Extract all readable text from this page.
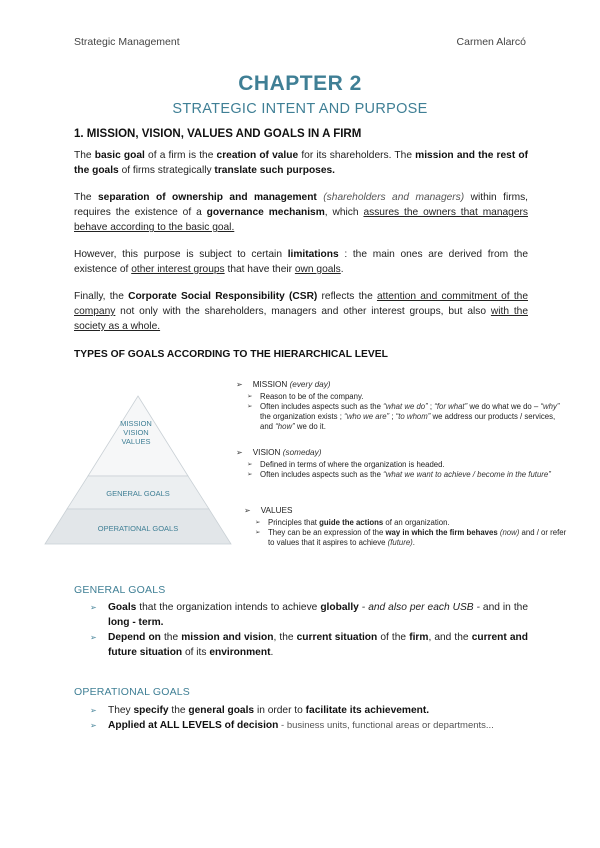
Strategic Management	Carmen Alarcó
CHAPTER 2
STRATEGIC INTENT AND PURPOSE
1. MISSION, VISION, VALUES AND GOALS IN A FIRM

The basic goal of a firm is the creation of value for its shareholders. The mission and the rest of the goals of firms strategically translate such purposes.

The separation of ownership and management (shareholders and managers) within firms, requires the existence of a governance mechanism, which assures the owners that managers behave according to the basic goal.

However, this purpose is subject to certain limitations : the main ones are derived from the existence of other interest groups that have their own goals.

Finally, the Corporate Social Responsibility (CSR) reflects the attention and commitment of the company not only with the shareholders, managers and other interest groups, but also with the society as a whole.

TYPES OF GOALS ACCORDING TO THE HIERARCHICAL LEVEL
MISSION
VISION
VALUES
GENERAL GOALS
OPERATIONAL GOALS
➢ MISSION (every day)
➢ Reason to be of the company.
➢ Often includes aspects such as the “what we do” ; “for what” we do what we do – “why” the organization exists ; “who we are” ; “to whom” we address our products / services, and “how” we do it.
➢ VISION (someday)
➢ Defined in terms of where the organization is headed.
➢ Often includes aspects such as the “what we want to achieve / become in the future”
➢ VALUES
➢ Principles that guide the actions of an organization.
➢ They can be an expression of the way in which the firm behaves (now) and / or refer to values that it aspires to achieve (future).
GENERAL GOALS
➢ Goals that the organization intends to achieve globally - and also per each USB - and in the long - term.
➢ Depend on the mission and vision, the current situation of the firm, and the current and future situation of its environment.
OPERATIONAL GOALS
➢ They specify the general goals in order to facilitate its achievement.
➢ Applied at ALL LEVELS of decision - business units, functional areas or departments...
